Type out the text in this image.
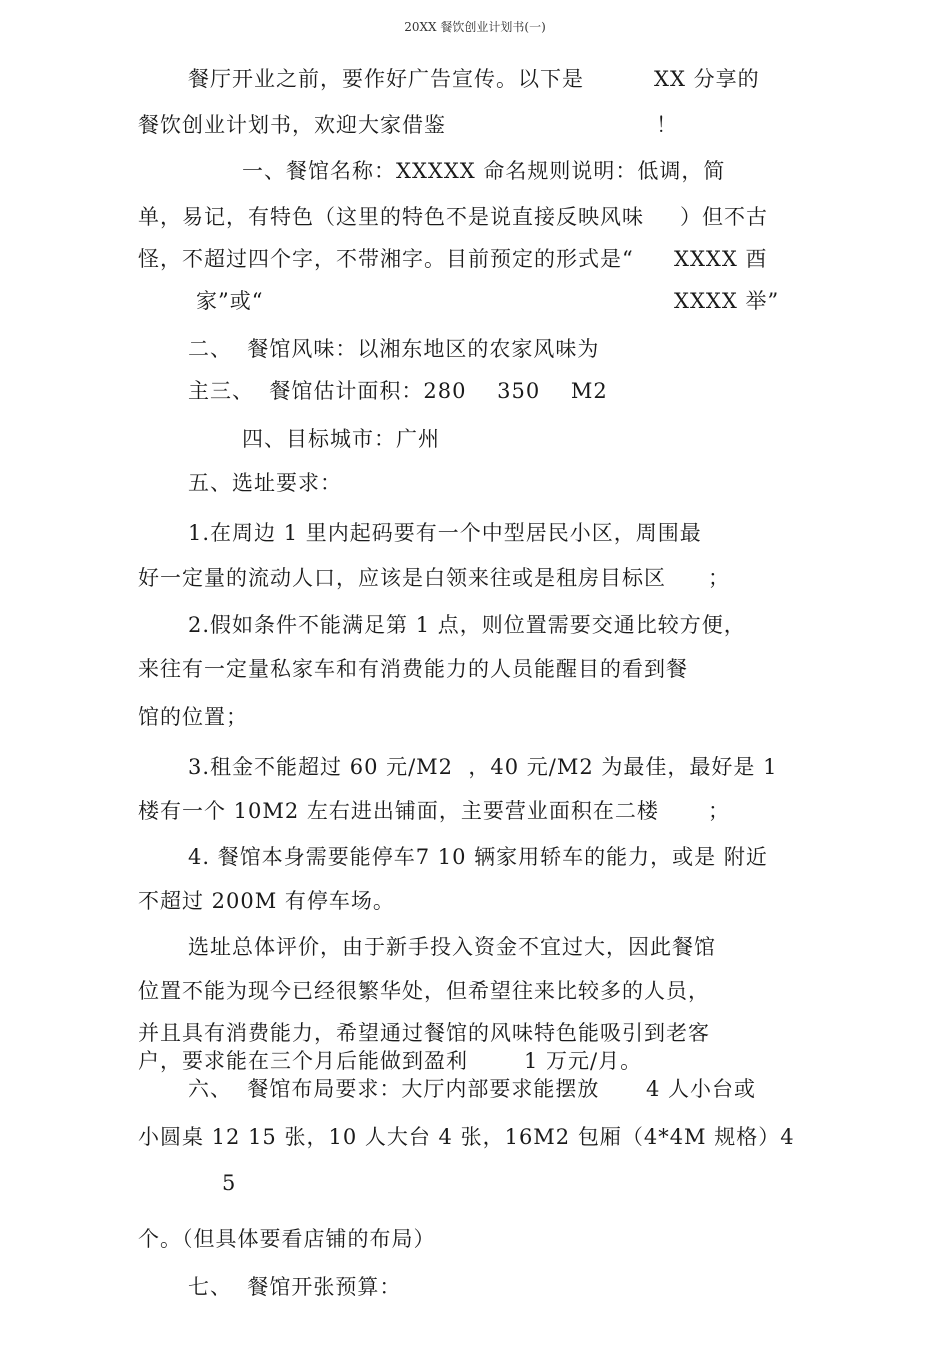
20XX 餐饮创业计划书(一)
餐厅开业之前，要作好广告宣传。以下是	XX 分享的
餐饮创业计划书，欢迎大家借鉴	！
一、餐馆名称：XXXXX 命名规则说明：低调，简
单，易记，有特色（这里的特色不是说直接反映风味 ）但不古
怪，不超过四个字，不带湘字。目前预定的形式是“ XXXX 酉
家”或“	XXXX 举”
二、  餐馆风味：以湘东地区的农家风味为
主三、  餐馆估计面积：280    350    M2
四、目标城市：广州
五、选址要求：
1.在周边 1 里内起码要有一个中型居民小区，周围最
好一定量的流动人口，应该是白领来往或是租房目标区 ；
2.假如条件不能满足第 1 点，则位置需要交通比较方便，
来往有一定量私家车和有消费能力的人员能醒目的看到餐
馆的位置；
3.租金不能超过 60 元/M2  ，40 元/M2 为最佳，最好是 1
楼有一个 10M2 左右进出铺面，主要营业面积在二楼 ；
4. 餐馆本身需要能停车7 10 辆家用轿车的能力，或是 附近
不超过 200M 有停车场。
选址总体评价，由于新手投入资金不宜过大，因此餐馆
位置不能为现今已经很繁华处，但希望往来比较多的人员，
并且具有消费能力，希望通过餐馆的风味特色能吸引到老客
户，要求能在三个月后能做到盈利	1 万元/月。
六、  餐馆布局要求：大厅内部要求能摆放 4 人小台或
小圆桌 12 15 张，10 人大台 4 张，16M2 包厢（4*4M 规格）4
5
个。（但具体要看店铺的布局）
七、  餐馆开张预算：
